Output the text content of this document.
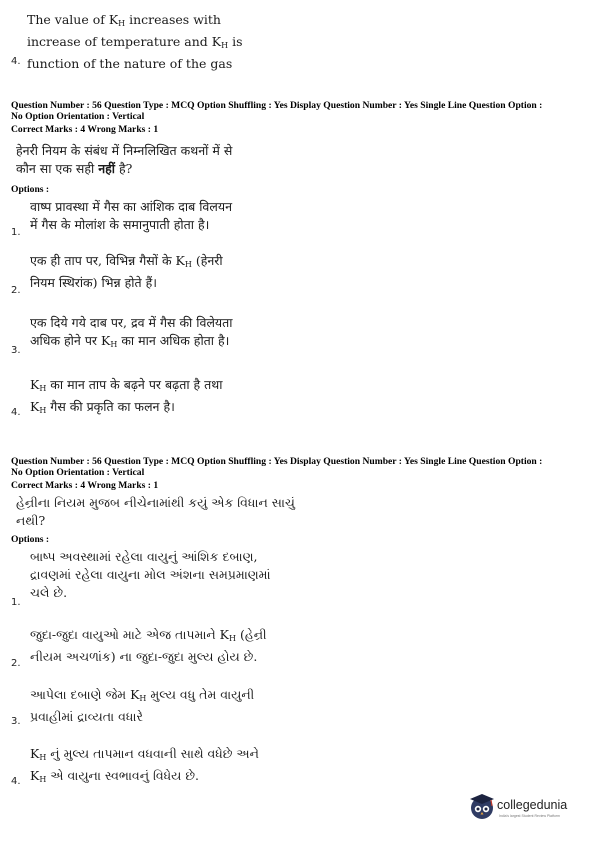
The value of $K_H$ increases with
increase of temperature and $K_H$ is
function of the nature of the gas
4.
Question Number : 56 Question Type : MCQ Option Shuffling : Yes Display Question Number : Yes Single Line Question Option :
No Option Orientation : Vertical
Correct Marks : 4 Wrong Marks : 1
हेनरी नियम के संबंध में निम्नलिखित कथनों में से
कौन सा एक सही नहीं है?
Options :
वाष्प प्रावस्था में गैस का आंशिक दाब विलयन
में गैस के मोलांश के समानुपाती होता है।
1.
एक ही ताप पर, विभिन्न गैसों के $K_H$ (हेनरी
नियम स्थिरांक) भिन्न होते हैं।
2.
एक दिये गये दाब पर, द्रव में गैस की विलेयता
अधिक होने पर $K_H$ का मान अधिक होता है।
3.
$K_H$ का मान ताप के बढ़ने पर बढ़ता है तथा
$K_H$ गैस की प्रकृति का फलन है।
4.
Question Number : 56 Question Type : MCQ Option Shuffling : Yes Display Question Number : Yes Single Line Question Option :
No Option Orientation : Vertical
Correct Marks : 4 Wrong Marks : 1
હેન્રીના નિયમ મુજબ નીચેનામાંથી કયું એક વિધાન સાચું
નથી?
Options :
બાષ્પ અવસ્થામાં રહેલા વાયુનું આંશિક દબાણ,
દ્રાવણમાં રહેલા વાયુના મોલ અંશના સમપ્રમાણમાં
ચલે છે.
1.
જુદા-જુદા વાયુઓ માટે એજ તાપમાને $K_H$ (હેન્રી
નીયમ અચળાંક) ના જુદા-જુદા મુલ્ય હોય છે.
2.
આપેલા દબાણે જેમ $K_H$ મુલ્ય વધુ તેમ વાયુની
પ્રવાહીમાં દ્રાવ્યતા વધારે
3.
$K_H$ નું મુલ્ય તાપમાન વધવાની સાથે વધેછે અને
$K_H$ એ વાયુના સ્વભાવનું વિધેય છે.
4.
collegedunia
India's largest Student Review Platform
